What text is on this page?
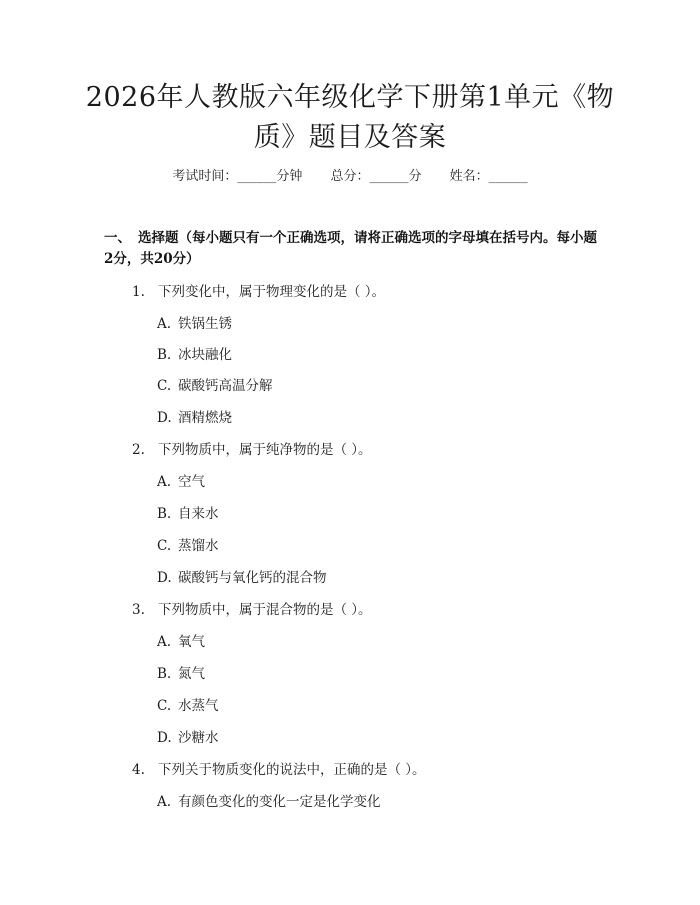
2026年人教版六年级化学下册第1单元《物质》题目及答案
考试时间：______分钟 总分：______分 姓名：______
一、 选择题（每小题只有一个正确选项，请将正确选项的字母填在括号内。每小题2分，共20分）
1. 下列变化中，属于物理变化的是（ ）。
A. 铁锅生锈
B. 冰块融化
C. 碳酸钙高温分解
D. 酒精燃烧
2. 下列物质中，属于纯净物的是（ ）。
A. 空气
B. 自来水
C. 蒸馏水
D. 碳酸钙与氧化钙的混合物
3. 下列物质中，属于混合物的是（ ）。
A. 氧气
B. 氮气
C. 水蒸气
D. 沙糖水
4. 下列关于物质变化的说法中，正确的是（ ）。
A. 有颜色变化的变化一定是化学变化
